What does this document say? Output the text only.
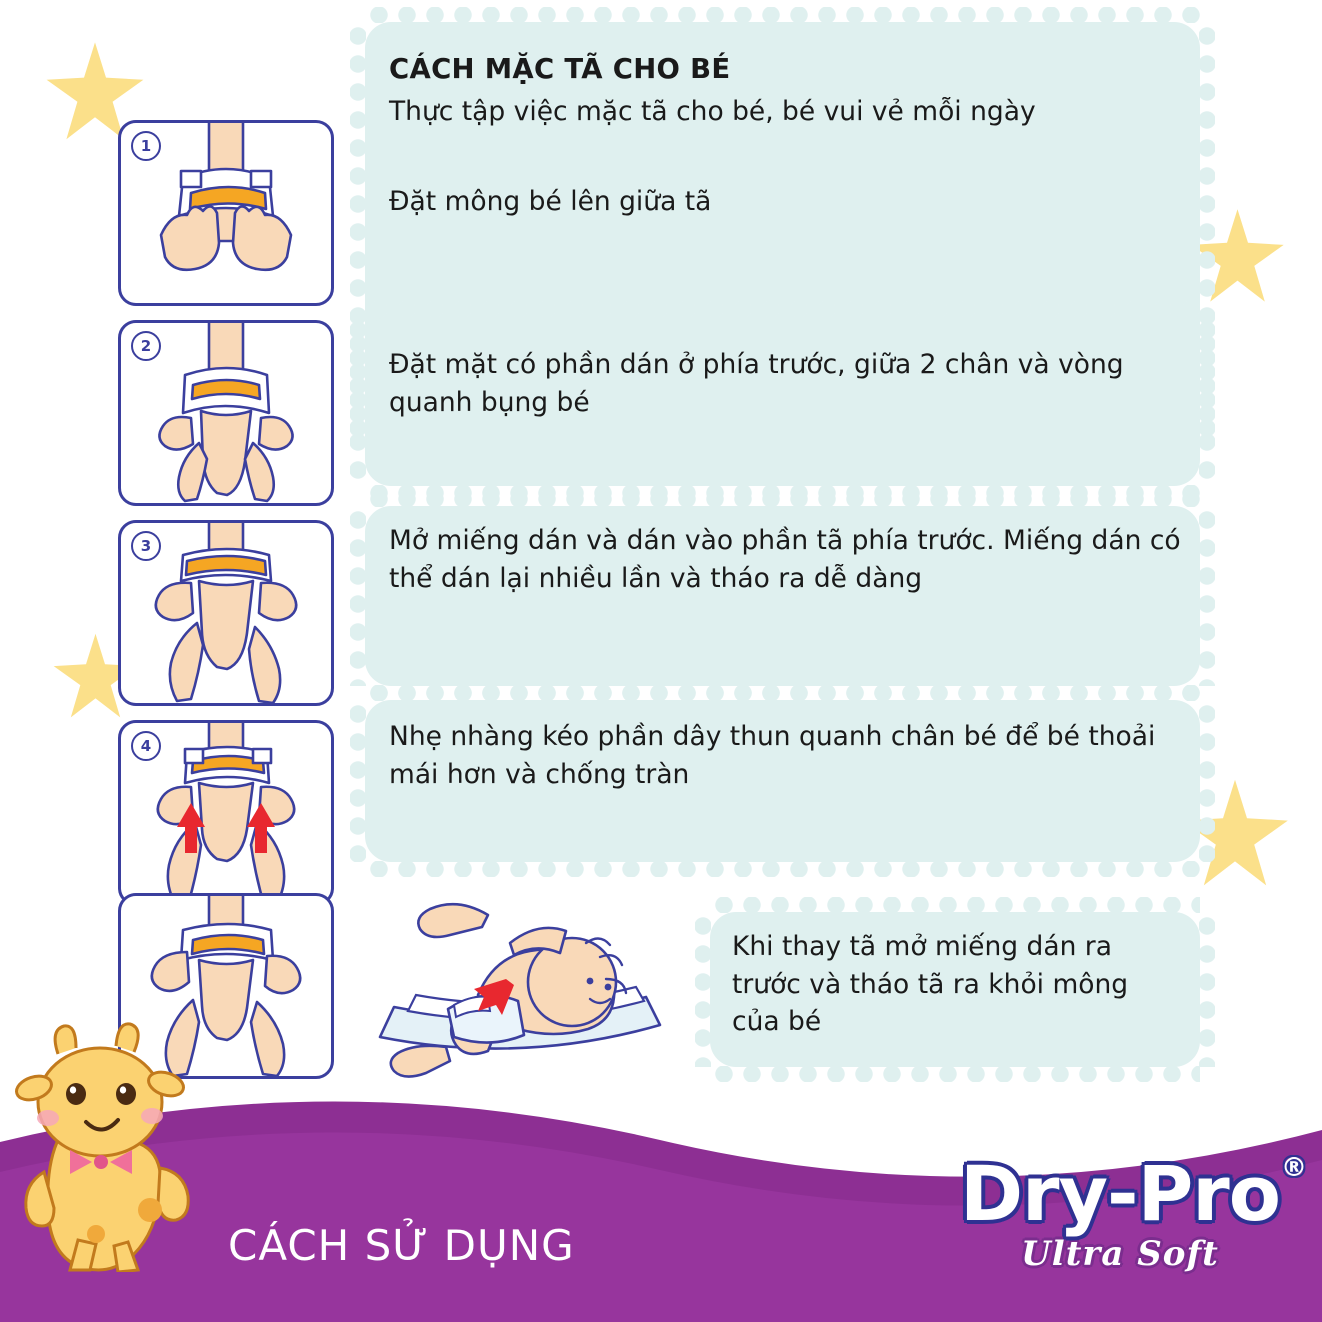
1
2
3
4
CÁCH MẶC TÃ CHO BÉ
Thực tập việc mặc tã cho bé, bé vui vẻ mỗi ngày
Đặt mông bé lên giữa tã
Đặt mặt có phần dán ở phía trước, giữa 2 chân và vòng quanh bụng bé
Mở miếng dán và dán vào phần tã phía trước. Miếng dán có thể dán lại nhiều lần và tháo ra dễ dàng
Nhẹ nhàng kéo phần dây thun quanh chân bé để bé thoải mái hơn và chống tràn
Khi thay tã mở miếng dán ra trước và tháo tã ra khỏi mông của bé
CÁCH SỬ DỤNG
Dry-Pro ®
Ultra Soft
